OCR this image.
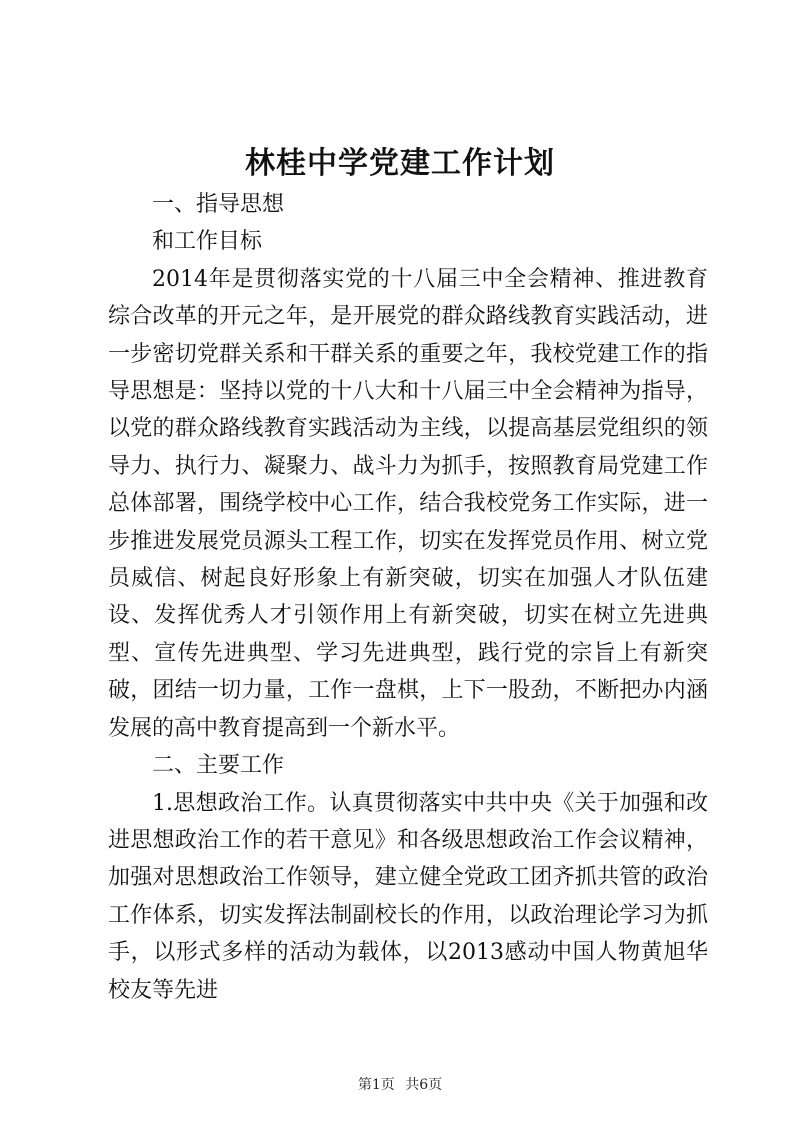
林桂中学党建工作计划

一、指导思想

和工作目标

2014年是贯彻落实党的十八届三中全会精神、推进教育综合改革的开元之年，是开展党的群众路线教育实践活动，进一步密切党群关系和干群关系的重要之年，我校党建工作的指导思想是：坚持以党的十八大和十八届三中全会精神为指导，以党的群众路线教育实践活动为主线，以提高基层党组织的领导力、执行力、凝聚力、战斗力为抓手，按照教育局党建工作总体部署，围绕学校中心工作，结合我校党务工作实际，进一步推进发展党员源头工程工作，切实在发挥党员作用、树立党员威信、树起良好形象上有新突破，切实在加强人才队伍建设、发挥优秀人才引领作用上有新突破，切实在树立先进典型、宣传先进典型、学习先进典型，践行党的宗旨上有新突破，团结一切力量，工作一盘棋，上下一股劲，不断把办内涵发展的高中教育提高到一个新水平。

二、主要工作

1.思想政治工作。认真贯彻落实中共中央《关于加强和改进思想政治工作的若干意见》和各级思想政治工作会议精神，加强对思想政治工作领导，建立健全党政工团齐抓共管的政治工作体系，切实发挥法制副校长的作用，以政治理论学习为抓手，以形式多样的活动为载体，以2013感动中国人物黄旭华校友等先进

第1页 共6页
